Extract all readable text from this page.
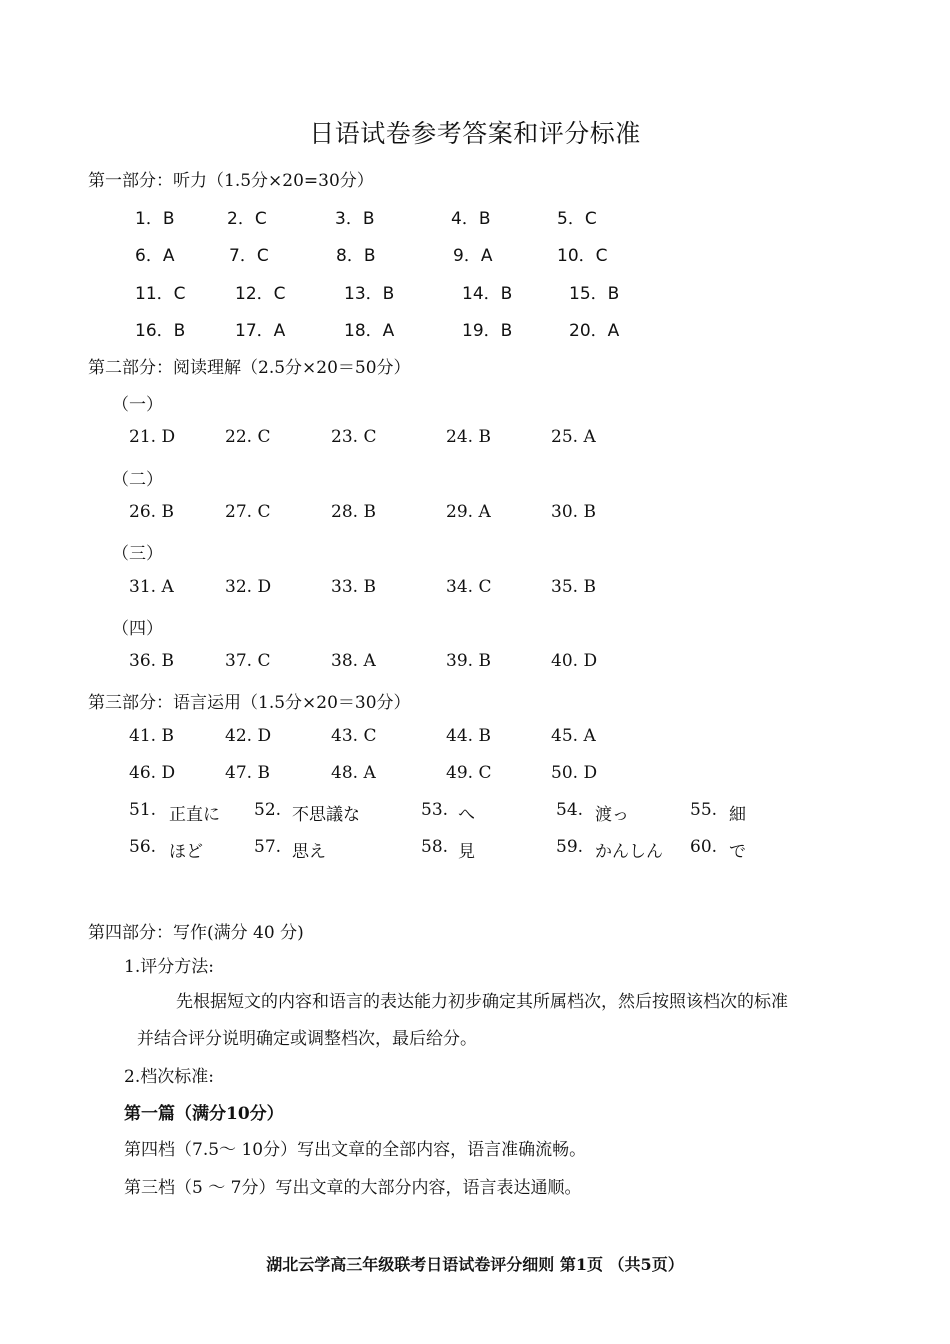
日语试卷参考答案和评分标准
第一部分：听力（1.5分×20=30分）
1．B	2．C	3．B	4．B	5．C
6．A	7．C	8．B	9．A	10．C
11．C	12．C	13．B	14．B	15．B
16．B	17．A	18．A	19．B	20．A
第二部分：阅读理解（2.5分×20＝50分）
（一）
21. D	22. C	23. C	24. B	25. A
（二）
26. B	27. C	28. B	29. A	30. B
（三）
31. A	32. D	33. B	34. C	35. B
（四）
36. B	37. C	38. A	39. B	40. D
第三部分：语言运用（1.5分×20＝30分）
41. B	42. D	43. C	44. B	45. A
46. D	47. B	48. A	49. C	50. D
51. 正直に 52. 不思議な	53. へ	54. 渡っ	55. 細
56. ほど	57. 思え	58. 見	59. かんしん 60. で
第四部分：写作(满分 40 分)
1.评分方法:
先根据短文的内容和语言的表达能力初步确定其所属档次，然后按照该档次的标准
并结合评分说明确定或调整档次，最后给分。
2.档次标准:
第一篇（满分10分）
第四档（7.5～ 10分）写出文章的全部内容，语言准确流畅。
第三档（5 ～ 7分）写出文章的大部分内容，语言表达通顺。
湖北云学高三年级联考日语试卷评分细则 第1页 （共5页）
